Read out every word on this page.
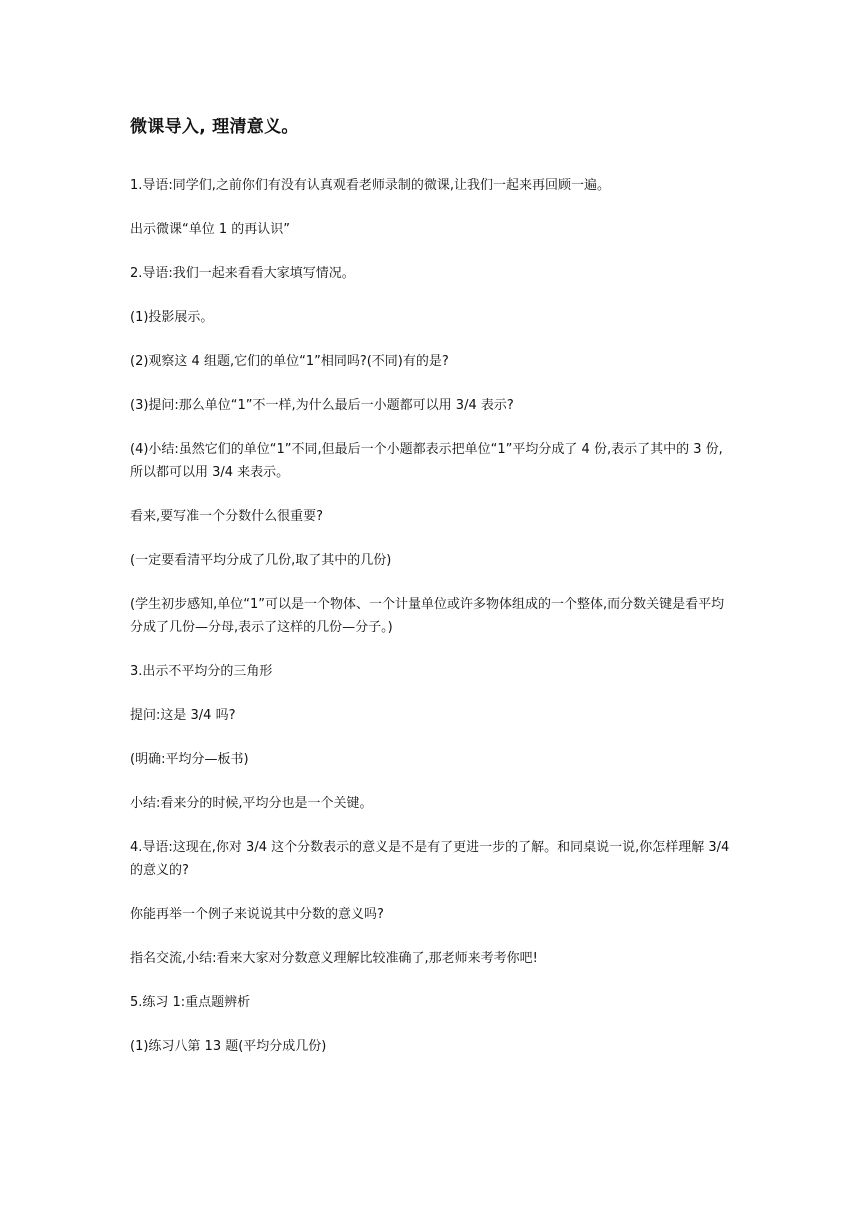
微课导入, 理清意义。

1.导语:同学们,之前你们有没有认真观看老师录制的微课,让我们一起来再回顾一遍。

出示微课“单位 1 的再认识”

2.导语:我们一起来看看大家填写情况。

(1)投影展示。

(2)观察这 4 组题,它们的单位“1”相同吗?(不同)有的是?

(3)提问:那么单位“1”不一样,为什么最后一小题都可以用 3/4 表示?

(4)小结:虽然它们的单位“1”不同,但最后一个小题都表示把单位“1”平均分成了 4 份,表示了其中的 3 份,所以都可以用 3/4 来表示。

看来,要写准一个分数什么很重要?

(一定要看清平均分成了几份,取了其中的几份)

(学生初步感知,单位“1”可以是一个物体、一个计量单位或许多物体组成的一个整体,而分数关键是看平均分成了几份—分母,表示了这样的几份—分子。)

3.出示不平均分的三角形

提问:这是 3/4 吗?

(明确:平均分—板书)

小结:看来分的时候,平均分也是一个关键。

4.导语:这现在,你对 3/4 这个分数表示的意义是不是有了更进一步的了解。和同桌说一说,你怎样理解 3/4 的意义的?

你能再举一个例子来说说其中分数的意义吗?

指名交流,小结:看来大家对分数意义理解比较准确了,那老师来考考你吧!

5.练习 1:重点题辨析

(1)练习八第 13 题(平均分成几份)
